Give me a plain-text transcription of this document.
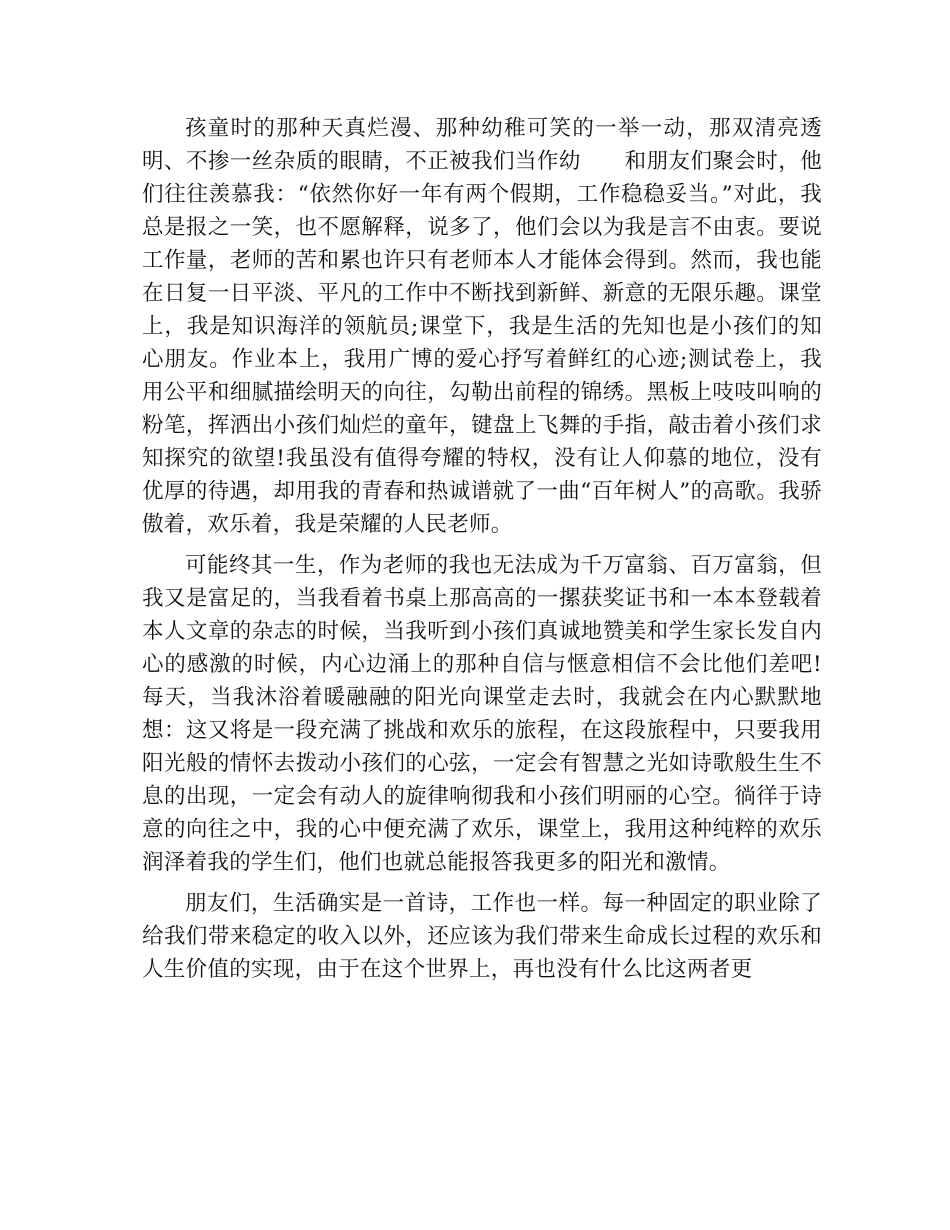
孩童时的那种天真烂漫、那种幼稚可笑的一举一动，那双清亮透明、不掺一丝杂质的眼睛，不正被我们当作幼　　和朋友们聚会时，他们往往羡慕我：“依然你好一年有两个假期，工作稳稳妥当。”对此，我总是报之一笑，也不愿解释，说多了，他们会以为我是言不由衷。要说工作量，老师的苦和累也许只有老师本人才能体会得到。然而，我也能在日复一日平淡、平凡的工作中不断找到新鲜、新意的无限乐趣。课堂上，我是知识海洋的领航员;课堂下，我是生活的先知也是小孩们的知心朋友。作业本上，我用广博的爱心抒写着鲜红的心迹;测试卷上，我用公平和细腻描绘明天的向往，勾勒出前程的锦绣。黑板上吱吱叫响的粉笔，挥洒出小孩们灿烂的童年，键盘上飞舞的手指，敲击着小孩们求知探究的欲望!我虽没有值得夸耀的特权，没有让人仰慕的地位，没有优厚的待遇，却用我的青春和热诚谱就了一曲“百年树人”的高歌。我骄傲着，欢乐着，我是荣耀的人民老师。

可能终其一生，作为老师的我也无法成为千万富翁、百万富翁，但我又是富足的，当我看着书桌上那高高的一摞获奖证书和一本本登载着本人文章的杂志的时候，当我听到小孩们真诚地赞美和学生家长发自内心的感激的时候，内心边涌上的那种自信与惬意相信不会比他们差吧!每天，当我沐浴着暖融融的阳光向课堂走去时，我就会在内心默默地想：这又将是一段充满了挑战和欢乐的旅程，在这段旅程中，只要我用阳光般的情怀去拨动小孩们的心弦，一定会有智慧之光如诗歌般生生不息的出现，一定会有动人的旋律响彻我和小孩们明丽的心空。徜徉于诗意的向往之中，我的心中便充满了欢乐，课堂上，我用这种纯粹的欢乐润泽着我的学生们，他们也就总能报答我更多的阳光和激情。

朋友们，生活确实是一首诗，工作也一样。每一种固定的职业除了给我们带来稳定的收入以外，还应该为我们带来生命成长过程的欢乐和人生价值的实现，由于在这个世界上，再也没有什么比这两者更
